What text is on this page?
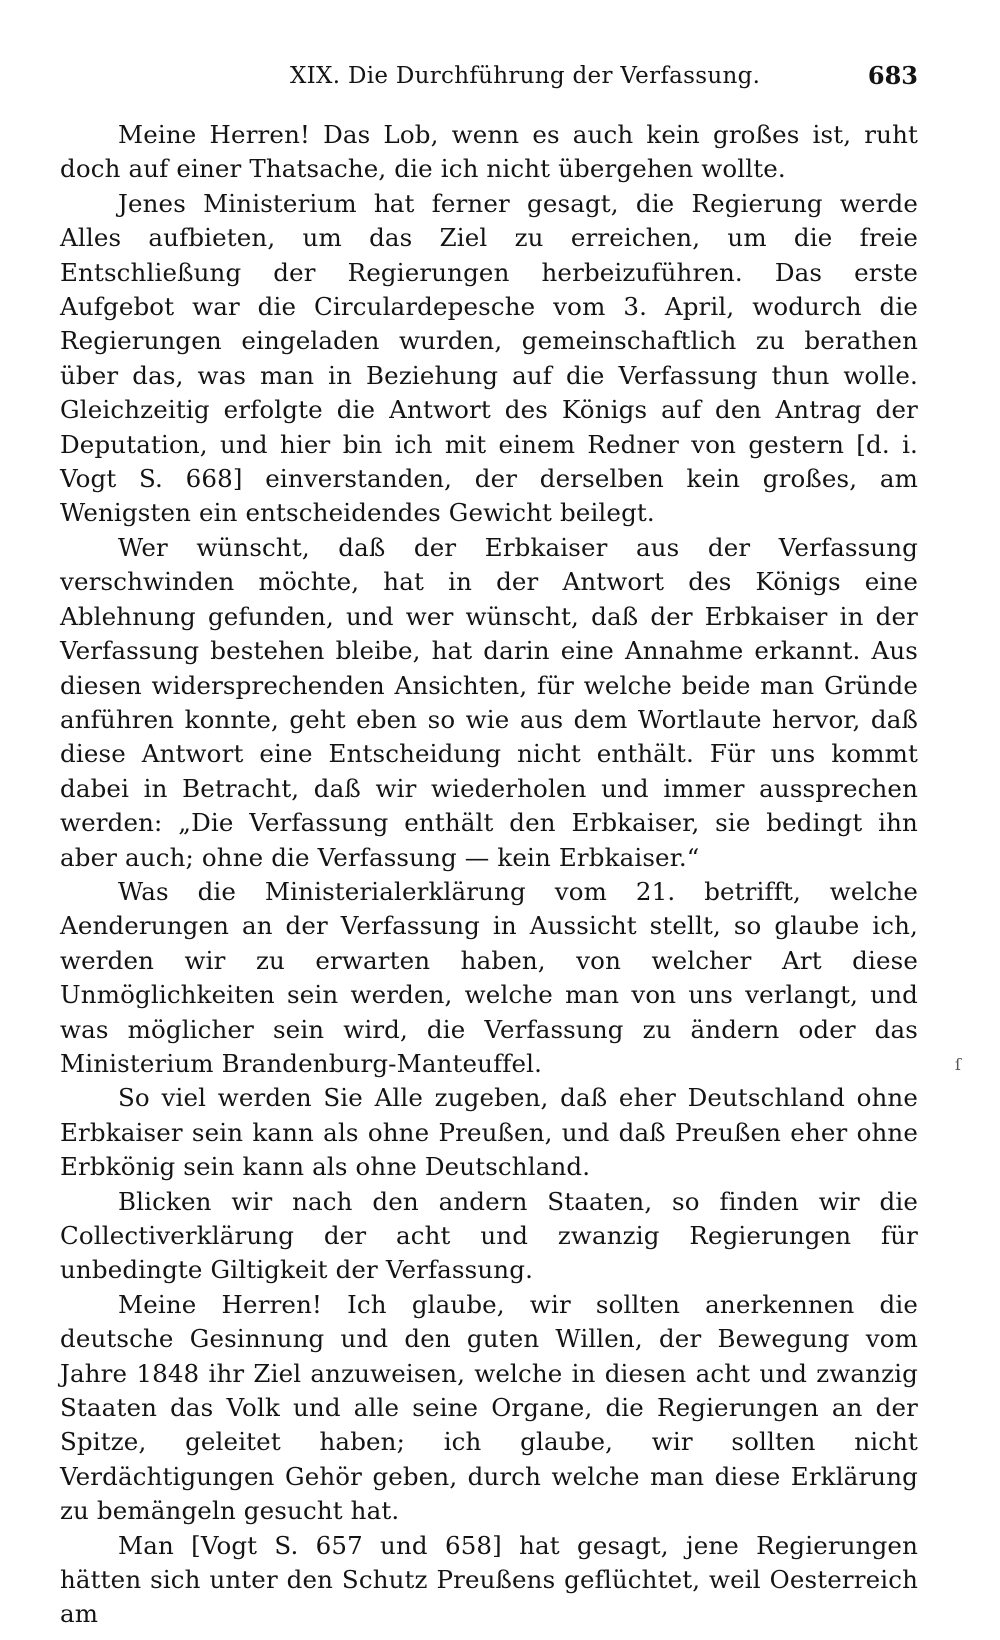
XIX. Die Durchführung der Verfassung.	683

Meine Herren! Das Lob, wenn es auch kein großes ist, ruht doch auf einer Thatsache, die ich nicht übergehen wollte.

Jenes Ministerium hat ferner gesagt, die Regierung werde Alles aufbieten, um das Ziel zu erreichen, um die freie Entschließung der Regierungen herbeizuführen. Das erste Aufgebot war die Circulardepesche vom 3. April, wodurch die Regierungen eingeladen wurden, gemeinschaftlich zu berathen über das, was man in Beziehung auf die Verfassung thun wolle. Gleichzeitig erfolgte die Antwort des Königs auf den Antrag der Deputation, und hier bin ich mit einem Redner von gestern [d. i. Vogt S. 668] einverstanden, der derselben kein großes, am Wenigsten ein entscheidendes Gewicht beilegt.

Wer wünscht, daß der Erbkaiser aus der Verfassung verschwinden möchte, hat in der Antwort des Königs eine Ablehnung gefunden, und wer wünscht, daß der Erbkaiser in der Verfassung bestehen bleibe, hat darin eine Annahme erkannt. Aus diesen widersprechenden Ansichten, für welche beide man Gründe anführen konnte, geht eben so wie aus dem Wortlaute hervor, daß diese Antwort eine Entscheidung nicht enthält. Für uns kommt dabei in Betracht, daß wir wiederholen und immer aussprechen werden: „Die Verfassung enthält den Erbkaiser, sie bedingt ihn aber auch; ohne die Verfassung — kein Erbkaiser.“

Was die Ministerialerklärung vom 21. betrifft, welche Aenderungen an der Verfassung in Aussicht stellt, so glaube ich, werden wir zu erwarten haben, von welcher Art diese Unmöglichkeiten sein werden, welche man von uns verlangt, und was möglicher sein wird, die Verfassung zu ändern oder das Ministerium Brandenburg-Manteuffel.

So viel werden Sie Alle zugeben, daß eher Deutschland ohne Erbkaiser sein kann als ohne Preußen, und daß Preußen eher ohne Erbkönig sein kann als ohne Deutschland.

Blicken wir nach den andern Staaten, so finden wir die Collectiverklärung der acht und zwanzig Regierungen für unbedingte Giltigkeit der Verfassung.

Meine Herren! Ich glaube, wir sollten anerkennen die deutsche Gesinnung und den guten Willen, der Bewegung vom Jahre 1848 ihr Ziel anzuweisen, welche in diesen acht und zwanzig Staaten das Volk und alle seine Organe, die Regierungen an der Spitze, geleitet haben; ich glaube, wir sollten nicht Verdächtigungen Gehör geben, durch welche man diese Erklärung zu bemängeln gesucht hat.

Man [Vogt S. 657 und 658] hat gesagt, jene Regierungen hätten sich unter den Schutz Preußens geflüchtet, weil Oesterreich am

ſ
